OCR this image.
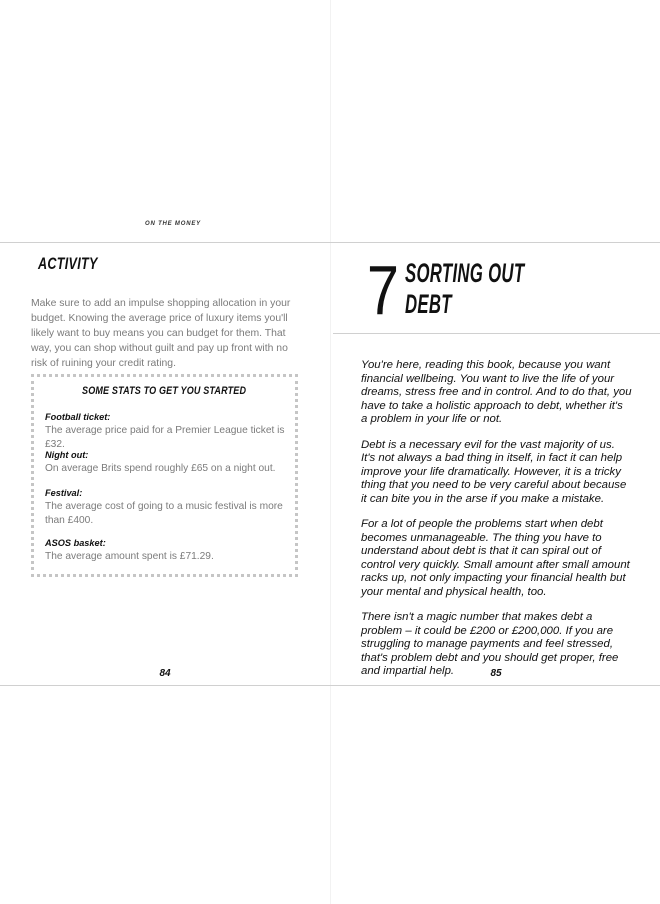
ON THE MONEY
ACTIVITY

Make sure to add an impulse shopping allocation in your budget. Knowing the average price of luxury items you'll likely want to buy means you can budget for them. That way, you can shop without guilt and pay up front with no risk of ruining your credit rating.

SOME STATS TO GET YOU STARTED
Football ticket:
The average price paid for a Premier League ticket is £32.
Night out:
On average Brits spend roughly £65 on a night out.
Festival:
The average cost of going to a music festival is more than £400.
ASOS basket:
The average amount spent is £71.29.
84
7 SORTING OUT
DEBT

You're here, reading this book, because you want financial wellbeing. You want to live the life of your dreams, stress free and in control. And to do that, you have to take a holistic approach to debt, whether it's a problem in your life or not.

Debt is a necessary evil for the vast majority of us. It's not always a bad thing in itself, in fact it can help improve your life dramatically. However, it is a tricky thing that you need to be very careful about because it can bite you in the arse if you make a mistake.

For a lot of people the problems start when debt becomes unmanageable. The thing you have to understand about debt is that it can spiral out of control very quickly. Small amount after small amount racks up, not only impacting your financial health but your mental and physical health, too.

There isn't a magic number that makes debt a problem – it could be £200 or £200,000. If you are struggling to manage payments and feel stressed, that's problem debt and you should get proper, free and impartial help.	85
